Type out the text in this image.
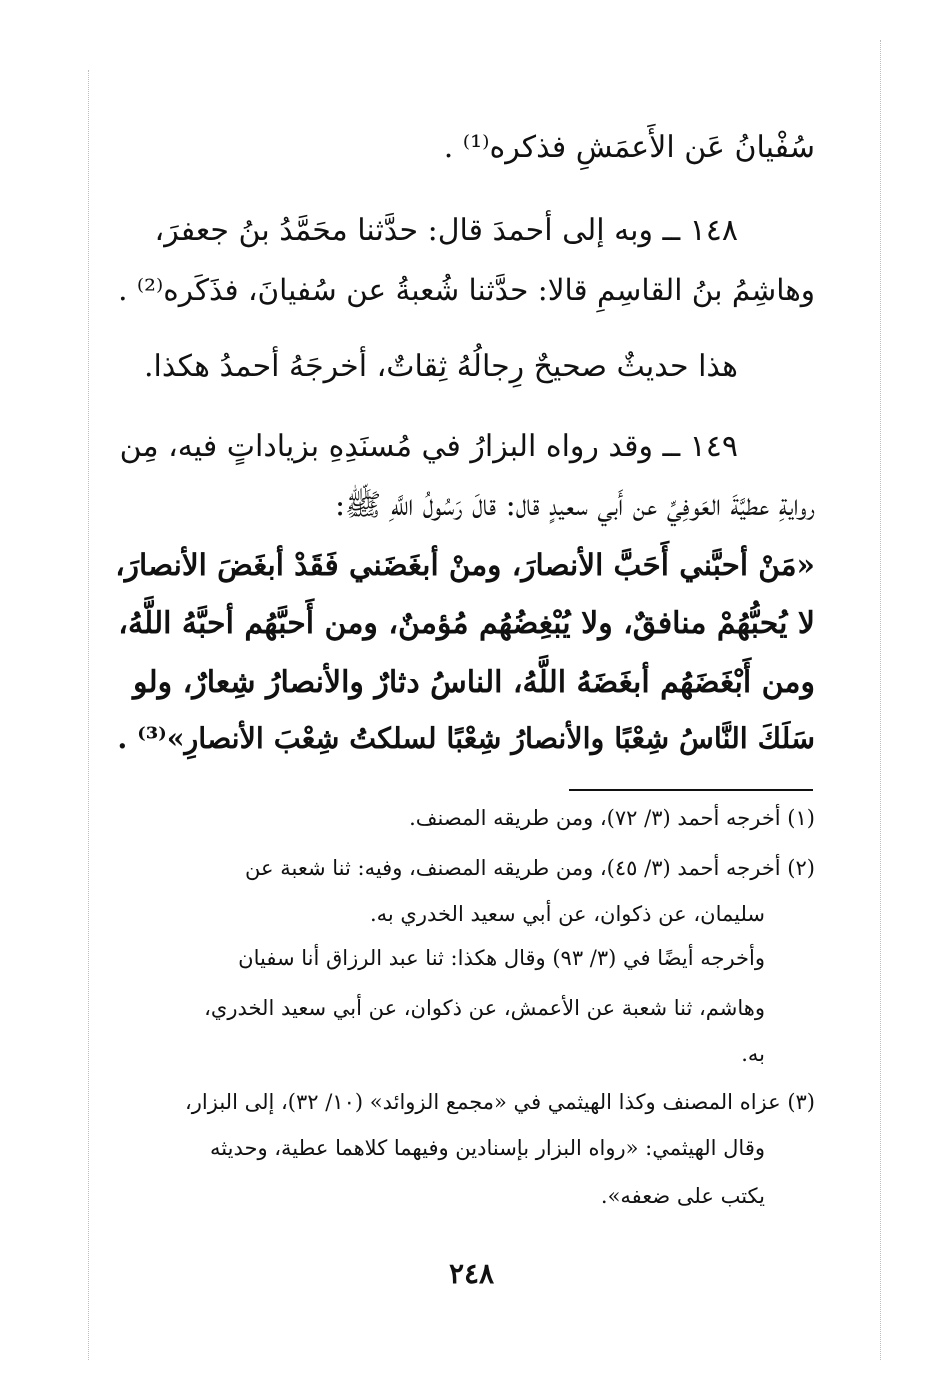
سُفْيانُ عَن الأَعمَشِ فذكره⁽¹⁾ .
١٤٨ ــ وبه إلى أحمدَ قال: حدَّثنا محَمَّدُ بنُ جعفرَ،
وهاشِمُ بنُ القاسِمِ قالا: حدَّثنا شُعبةُ عن سُفيانَ، فذَكَره⁽²⁾ .
هذا حديثٌ صحيحٌ رِجالُهُ ثِقاتٌ، أخرجَهُ أحمدُ هكذا.
١٤٩ ــ وقد رواه البزارُ في مُسنَدِهِ بزياداتٍ فيه، مِن
روايةِ عطيَّةَ العَوفِيِّ عن أَبي سعيدٍ قال: قالَ رَسُولُ اللَّهِ ﷺ:
«مَنْ أحبَّني أَحَبَّ الأنصارَ، ومنْ أبغَضَني فَقَدْ أبغَضَ الأنصارَ،
لا يُحبُّهُمْ منافقٌ، ولا يُبْغِضُهُم مُؤمنٌ، ومن أَحبَّهُم أحبَّهُ اللَّهُ،
ومن أَبْغَضَهُم أبغَضَهُ اللَّهُ، الناسُ دثارٌ والأنصارُ شِعارٌ، ولو
سَلَكَ النَّاسُ شِعْبًا والأنصارُ شِعْبًا لسلكتُ شِعْبَ الأنصارِ»⁽³⁾ .
(١) أخرجه أحمد (٣/ ٧٢)، ومن طريقه المصنف.
(٢) أخرجه أحمد (٣/ ٤٥)، ومن طريقه المصنف، وفيه: ثنا شعبة عن
سليمان، عن ذكوان، عن أبي سعيد الخدري به.
وأخرجه أيضًا في (٣/ ٩٣) وقال هكذا: ثنا عبد الرزاق أنا سفيان
وهاشم، ثنا شعبة عن الأعمش، عن ذكوان، عن أبي سعيد الخدري،
به.
(٣) عزاه المصنف وكذا الهيثمي في «مجمع الزوائد» (١٠/ ٣٢)، إلى البزار،
وقال الهيثمي: «رواه البزار بإسنادين وفيهما كلاهما عطية، وحديثه
يكتب على ضعفه».
٢٤٨
